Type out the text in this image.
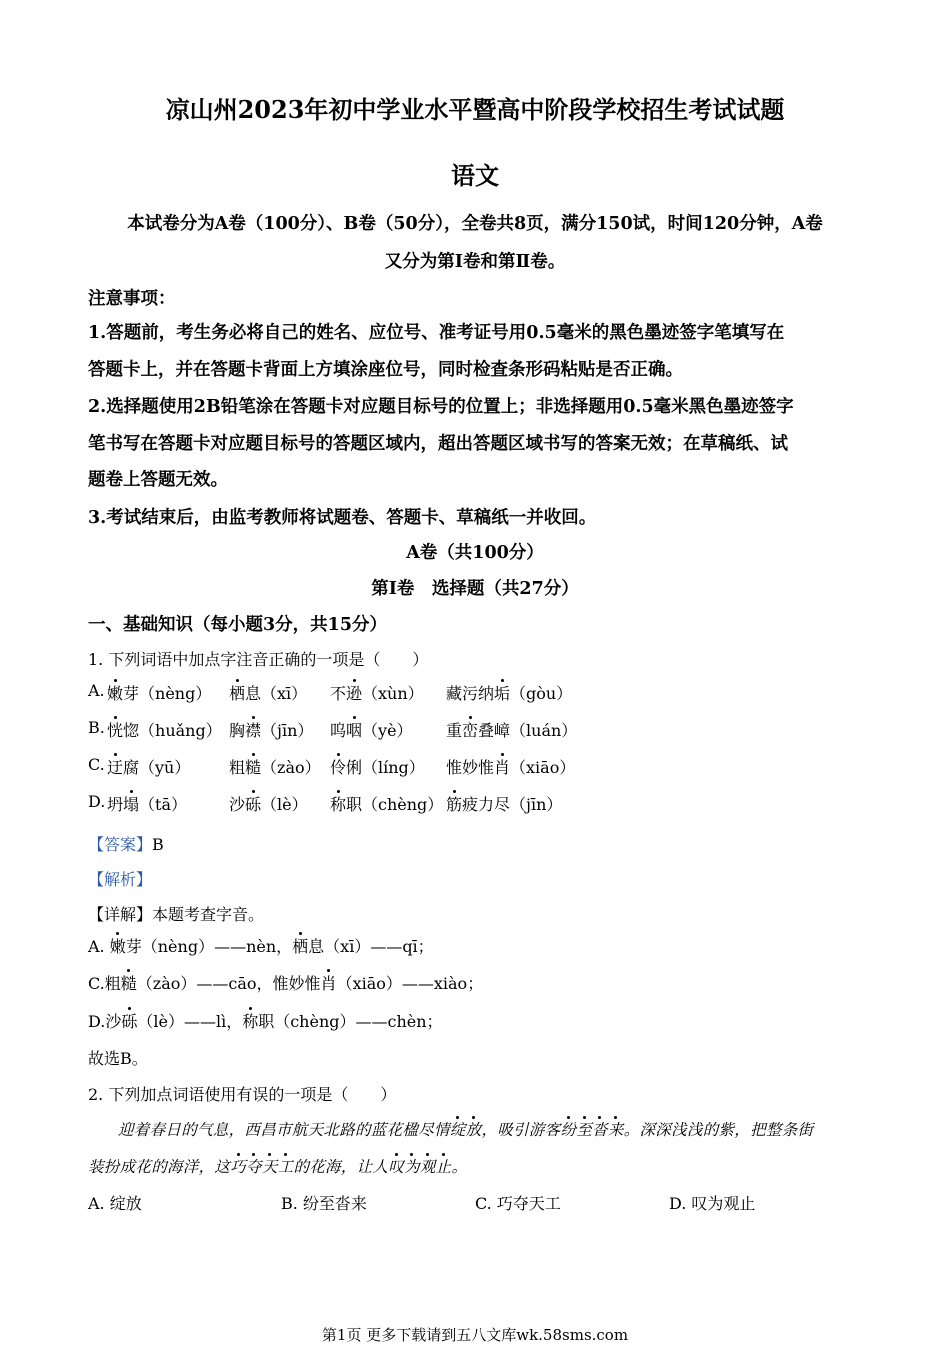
凉山州2023年初中学业水平暨高中阶段学校招生考试试题
语文
本试卷分为A卷（100分）、B卷（50分），全卷共8页，满分150试，时间120分钟，A卷
又分为第Ⅰ卷和第Ⅱ卷。
注意事项：
1.答题前，考生务必将自己的姓名、应位号、准考证号用0.5毫米的黑色墨迹签字笔填写在
答题卡上，并在答题卡背面上方填涂座位号，同时检查条形码粘贴是否正确。
2.选择题使用2B铅笔涂在答题卡对应题目标号的位置上；非选择题用0.5毫米黑色墨迹签字
笔书写在答题卡对应题目标号的答题区域内，超出答题区域书写的答案无效；在草稿纸、试
题卷上答题无效。
3.考试结束后，由监考教师将试题卷、答题卡、草稿纸一并收回。
A卷（共100分）
第Ⅰ卷　选择题（共27分）
一、基础知识（每小题3分，共15分）
1. 下列词语中加点字注音正确的一项是（　　）
A. 嫩芽（nèng） 栖息（xī） 不逊（xùn） 藏污纳垢（gòu）
B. 恍惚（huǎng） 胸襟（jīn） 呜咽（yè） 重峦叠嶂（luán）
C. 迂腐（yū） 粗糙（zào） 伶俐（líng） 惟妙惟肖（xiāo）
D. 坍塌（tā）	沙砾（lè） 称职（chèng） 筋疲力尽（jīn）
【答案】B
【解析】
【详解】本题考查字音。
A. 嫩芽（nèng）——nèn，栖息（xī）——qī；
C.粗糙（zào）——cāo，惟妙惟肖（xiāo）——xiào；
D.沙砾（lè）——lì，称职（chèng）——chèn；
故选B。
2. 下列加点词语使用有误的一项是（　　）
迎着春日的气息，西昌市航天北路的蓝花楹尽情绽放，吸引游客纷至沓来。深深浅浅的紫，把整条街
装扮成花的海洋，这巧夺天工的花海，让人叹为观止。
A. 绽放	B. 纷至沓来	C. 巧夺天工	D. 叹为观止
第1页 更多下载请到五八文库wk.58sms.com
